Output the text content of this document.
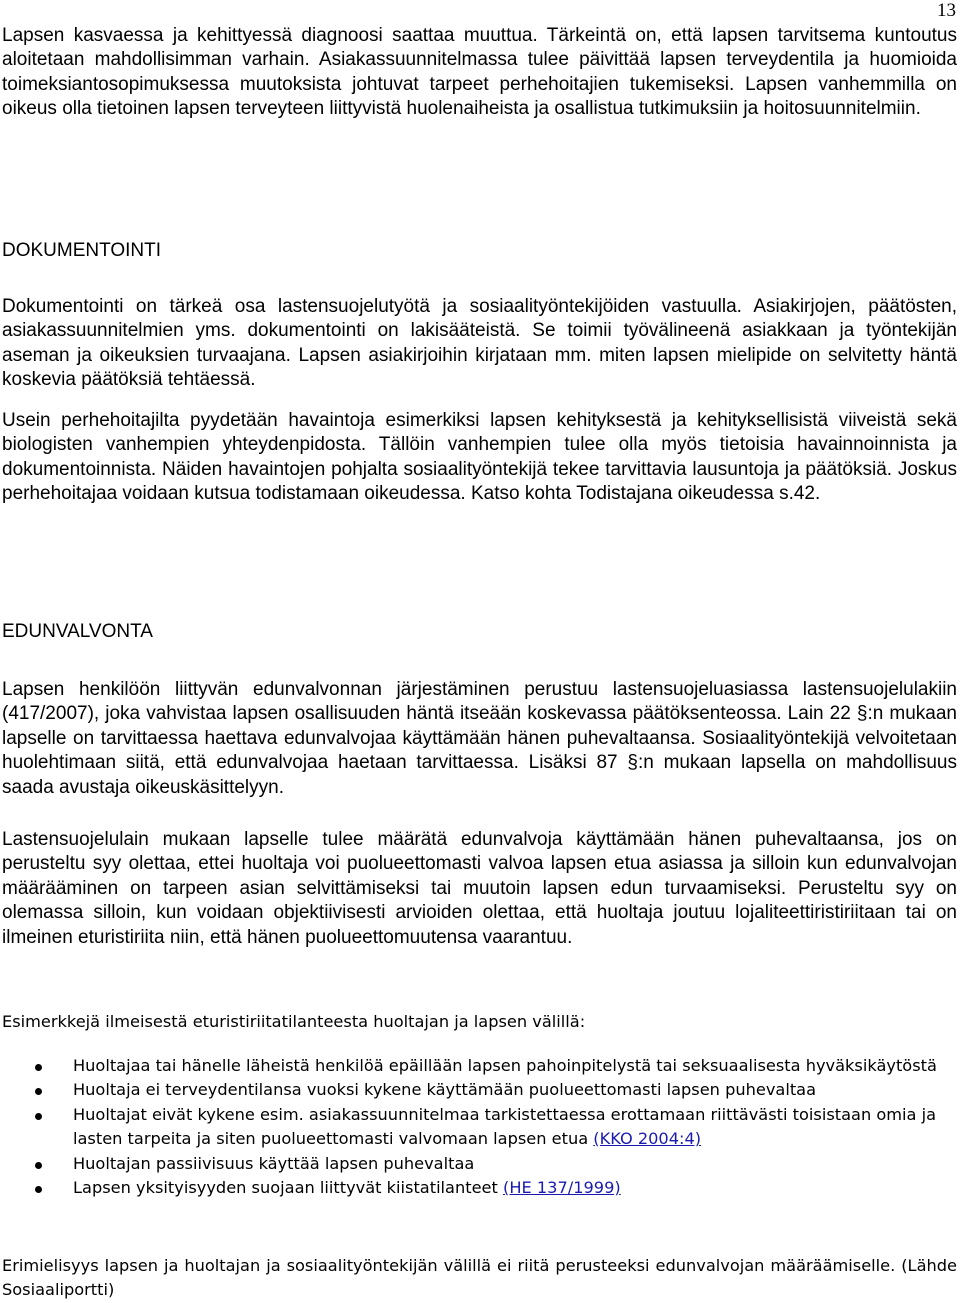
13

Lapsen kasvaessa ja kehittyessä diagnoosi saattaa muuttua. Tärkeintä on, että lapsen tarvitsema kuntoutus aloitetaan mahdollisimman varhain. Asiakassuunnitelmassa tulee päivittää lapsen terveydentila ja huomioida toimeksiantosopimuksessa muutoksista johtuvat tarpeet perhehoitajien tukemiseksi. Lapsen vanhemmilla on oikeus olla tietoinen lapsen terveyteen liittyvistä huolenaiheista ja osallistua tutkimuksiin ja hoitosuunnitelmiin.

DOKUMENTOINTI

Dokumentointi on tärkeä osa lastensuojelutyötä ja sosiaalityöntekijöiden vastuulla. Asiakirjojen, päätösten, asiakassuunnitelmien yms. dokumentointi on lakisääteistä. Se toimii työvälineenä asiakkaan ja työntekijän aseman ja oikeuksien turvaajana. Lapsen asiakirjoihin kirjataan mm. miten lapsen mielipide on selvitetty häntä koskevia päätöksiä tehtäessä.

Usein perhehoitajilta pyydetään havaintoja esimerkiksi lapsen kehityksestä ja kehityksellisistä viiveistä sekä biologisten vanhempien yhteydenpidosta. Tällöin vanhempien tulee olla myös tietoisia havainnoinnista ja dokumentoinnista. Näiden havaintojen pohjalta sosiaalityöntekijä tekee tarvittavia lausuntoja ja päätöksiä. Joskus perhehoitajaa voidaan kutsua todistamaan oikeudessa. Katso kohta Todistajana oikeudessa s.42.

EDUNVALVONTA

Lapsen henkilöön liittyvän edunvalvonnan järjestäminen perustuu lastensuojeluasiassa lastensuojelulakiin (417/2007), joka vahvistaa lapsen osallisuuden häntä itseään koskevassa päätöksenteossa. Lain 22 §:n mukaan lapselle on tarvittaessa haettava edunvalvojaa käyttämään hänen puhevaltaansa. Sosiaalityöntekijä velvoitetaan huolehtimaan siitä, että edunvalvojaa haetaan tarvittaessa. Lisäksi 87 §:n mukaan lapsella on mahdollisuus saada avustaja oikeuskäsittelyyn.

Lastensuojelulain mukaan lapselle tulee määrätä edunvalvoja käyttämään hänen puhevaltaansa, jos on perusteltu syy olettaa, ettei huoltaja voi puolueettomasti valvoa lapsen etua asiassa ja silloin kun edunvalvojan määrääminen on tarpeen asian selvittämiseksi tai muutoin lapsen edun turvaamiseksi. Perusteltu syy on olemassa silloin, kun voidaan objektiivisesti arvioiden olettaa, että huoltaja joutuu lojaliteettiristiriitaan tai on ilmeinen eturistiriita niin, että hänen puolueettomuutensa vaarantuu.

Esimerkkejä ilmeisestä eturistiriitatilanteesta huoltajan ja lapsen välillä:

Huoltajaa tai hänelle läheistä henkilöä epäillään lapsen pahoinpitelystä tai seksuaalisesta hyväksikäytöstä
Huoltaja ei terveydentilansa vuoksi kykene käyttämään puolueettomasti lapsen puhevaltaa
Huoltajat eivät kykene esim. asiakassuunnitelmaa tarkistettaessa erottamaan riittävästi toisistaan omia ja lasten tarpeita ja siten puolueettomasti valvomaan lapsen etua (KKO 2004:4)
Huoltajan passiivisuus käyttää lapsen puhevaltaa
Lapsen yksityisyyden suojaan liittyvät kiistatilanteet (HE 137/1999)

Erimielisyys lapsen ja huoltajan ja sosiaalityöntekijän välillä ei riitä perusteeksi edunvalvojan määräämiselle. (Lähde Sosiaaliportti)
